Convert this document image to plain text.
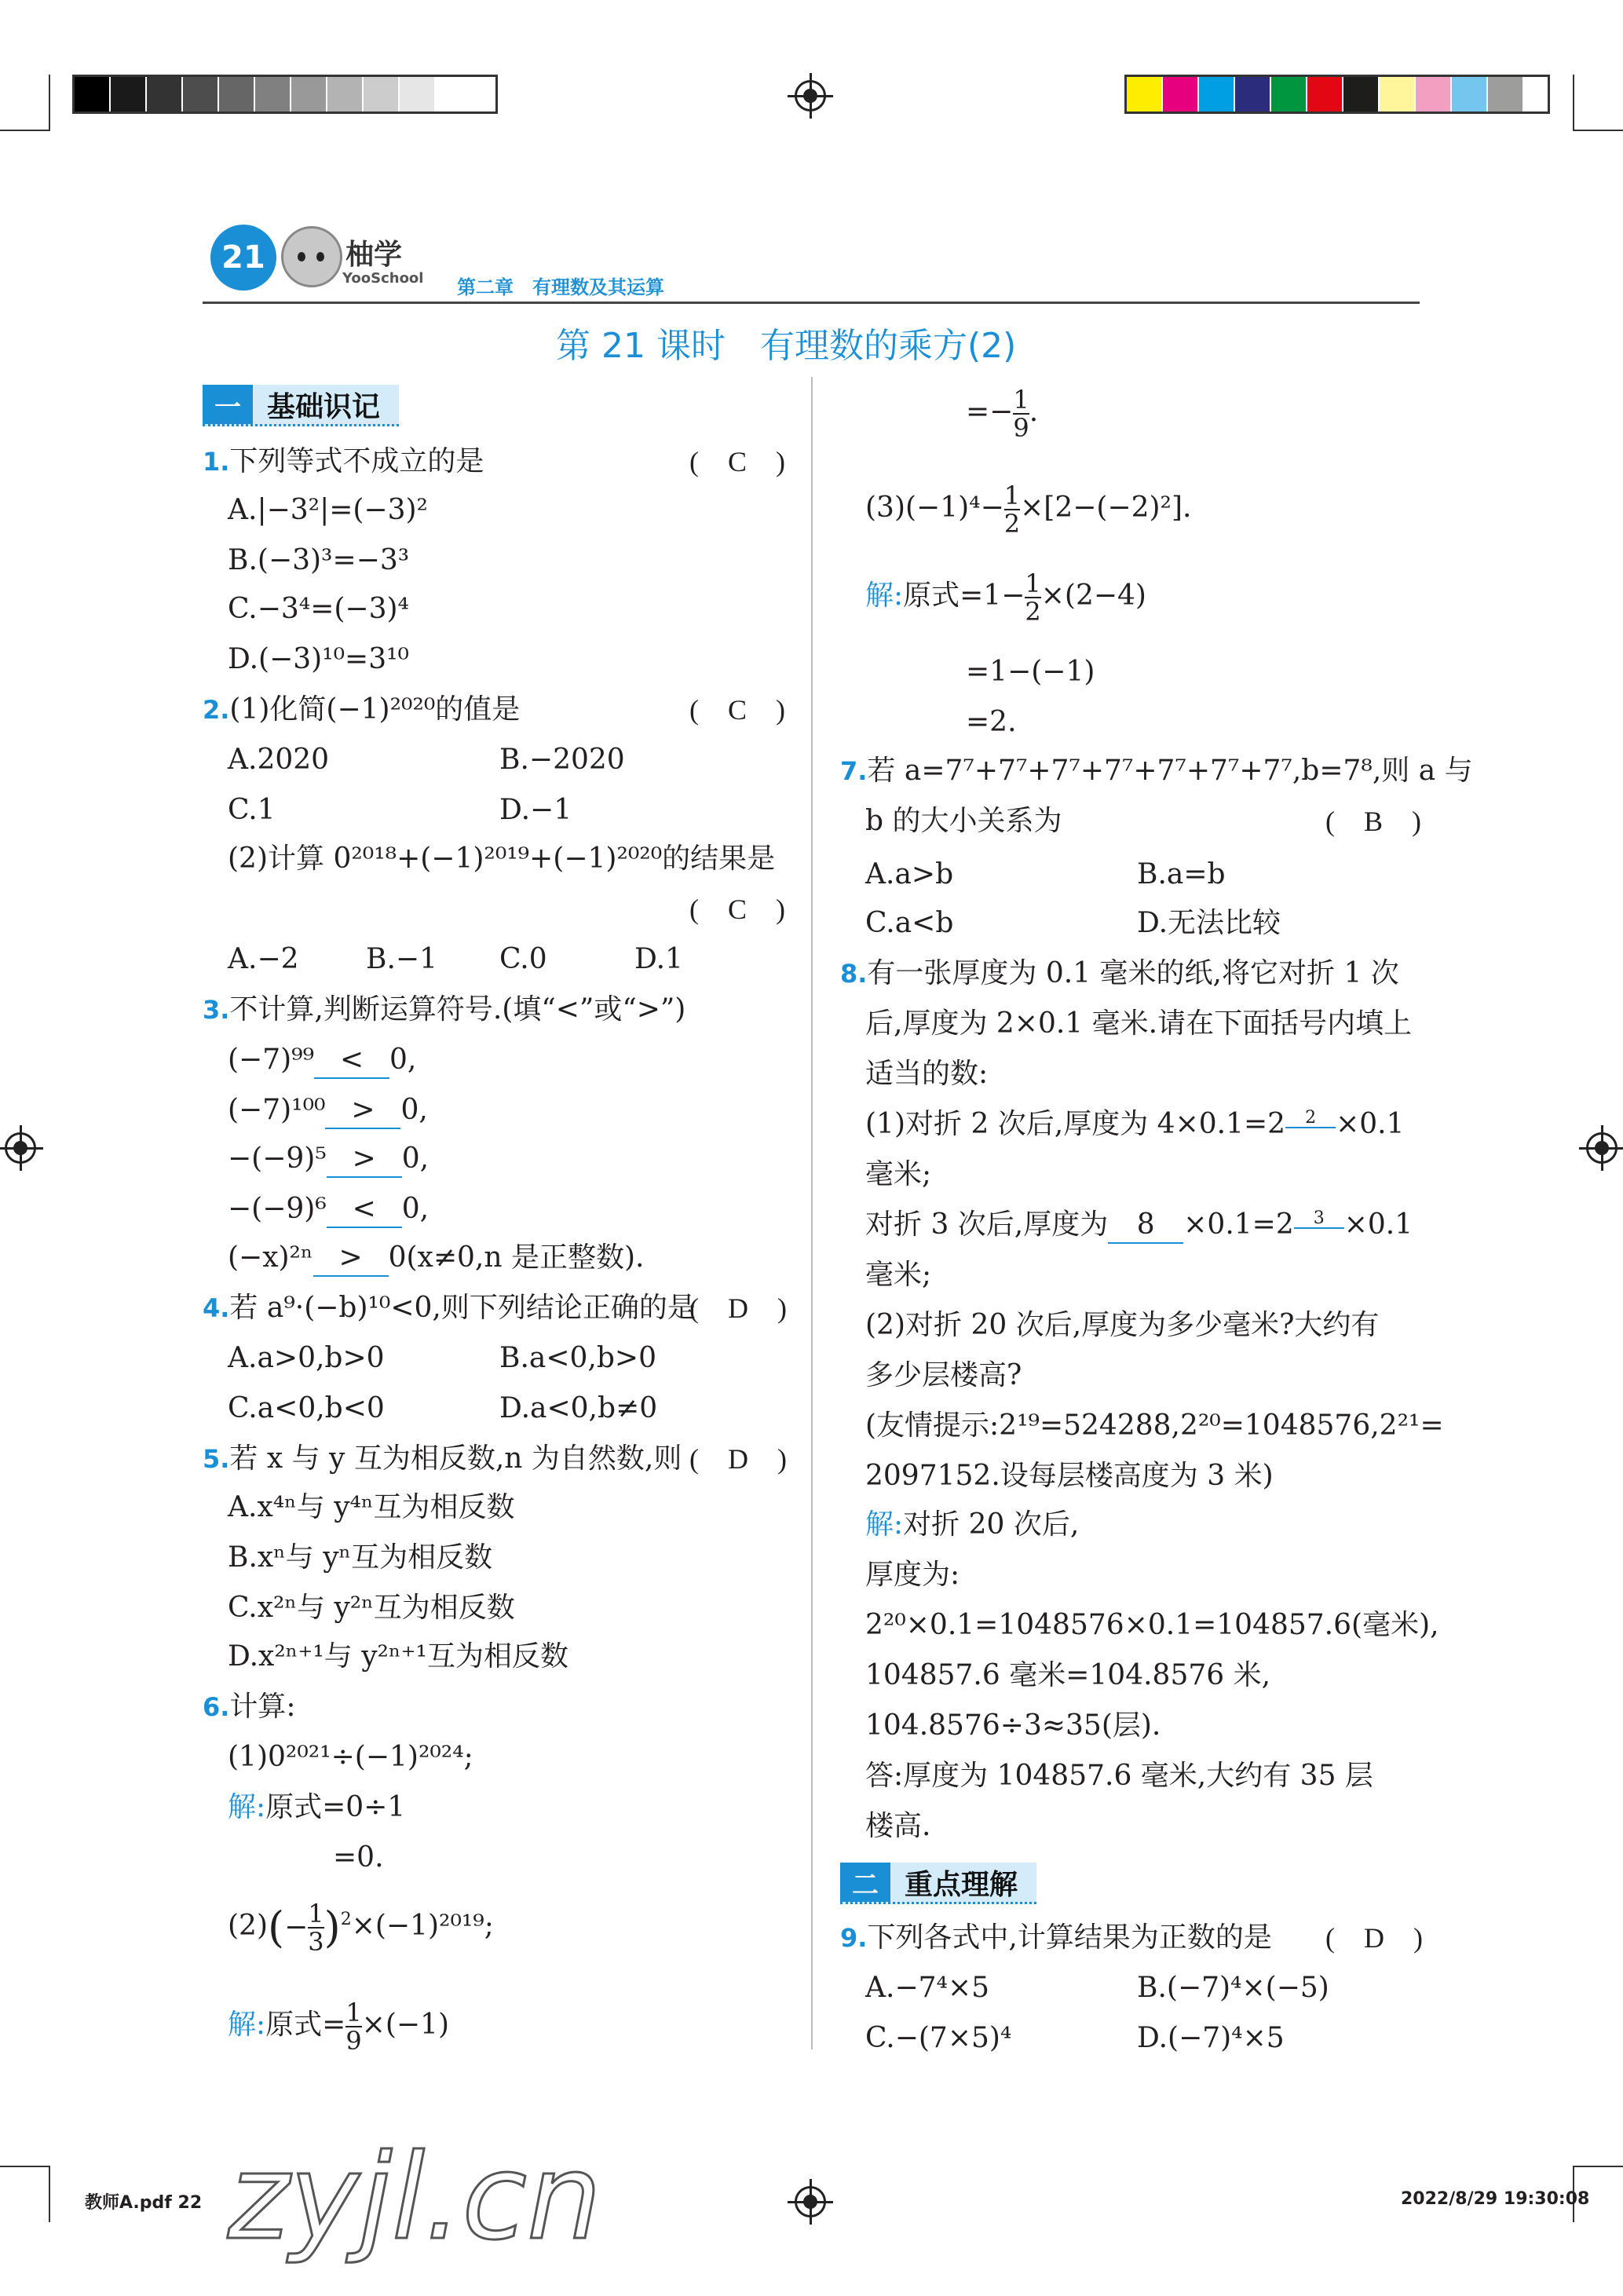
21	柚学
YooSchool 第二章　有理数及其运算
第 21 课时　有理数的乘方(2)
一 基础识记
1.下列等式不成立的是	( C )
A.|−3²|=(−3)²
B.(−3)³=−3³
C.−3⁴=(−3)⁴
D.(−3)¹⁰=3¹⁰
2.(1)化简(−1)²⁰²⁰的值是	( C )
A.2020	B.−2020
C.1	D.−1
(2)计算 0²⁰¹⁸+(−1)²⁰¹⁹+(−1)²⁰²⁰的结果是
( C )
A.−2 B.−1 C.0	D.1
3.不计算,判断运算符号.(填“<”或“>”)
(−7)⁹⁹ < 0,
(−7)¹⁰⁰ > 0,
−(−9)⁵ > 0,
−(−9)⁶ < 0,
(−x)²ⁿ > 0(x≠0,n 是正整数).
4.若 a⁹·(−b)¹⁰<0,则下列结论正确的是
( D )
A.a>0,b>0	B.a<0,b>0
C.a<0,b<0	D.a<0,b≠0
5.若 x 与 y 互为相反数,n 为自然数,则 ( D )
A.x⁴ⁿ与 y⁴ⁿ互为相反数
B.xⁿ与 yⁿ互为相反数
C.x²ⁿ与 y²ⁿ互为相反数
D.x²ⁿ⁺¹与 y²ⁿ⁺¹互为相反数
6.计算:
(1)0²⁰²¹÷(−1)²⁰²⁴;
解:原式=0÷1
=0.
$(2)(- \frac{1}{3} )^2\times(-1)^{2019}$;
解:原式= $\frac{1}{9} \times(-1)$
=− $\frac{1}{9}$ .
$(3)(-1)^4- \frac{1}{2} \times[2-(-2)^2]$.
解:原式$=1- \frac{1}{2} \times(2-4)$
=1−(−1)
=2.
7.若 a=7⁷+7⁷+7⁷+7⁷+7⁷+7⁷+7⁷,b=7⁸,则 a 与
b 的大小关系为	( B )
A.a>b	B.a=b
C.a<b	D.无法比较
8.有一张厚度为 0.1 毫米的纸,将它对折 1 次
后,厚度为 2×0.1 毫米.请在下面括号内填上
适当的数:
(1)对折 2 次后,厚度为 4×0.1=2 2 ×0.1
毫米;
对折 3 次后,厚度为 8 ×0.1=2 3 ×0.1
毫米;
(2)对折 20 次后,厚度为多少毫米?大约有
多少层楼高?
(友情提示:2¹⁹=524288,2²⁰=1048576,2²¹=
2097152.设每层楼高度为 3 米)
解:对折 20 次后,
厚度为:
2²⁰×0.1=1048576×0.1=104857.6(毫米),
104857.6 毫米=104.8576 米,
104.8576÷3≈35(层).
答:厚度为 104857.6 毫米,大约有 35 层
楼高.
二 重点理解
9.下列各式中,计算结果为正数的是 ( D )
A.−7⁴×5	B.(−7)⁴×(−5)
C.−(7×5)⁴	D.(−7)⁴×5
教师A.pdf 22	2022/8/29 19:30:08
zyjl.cn
